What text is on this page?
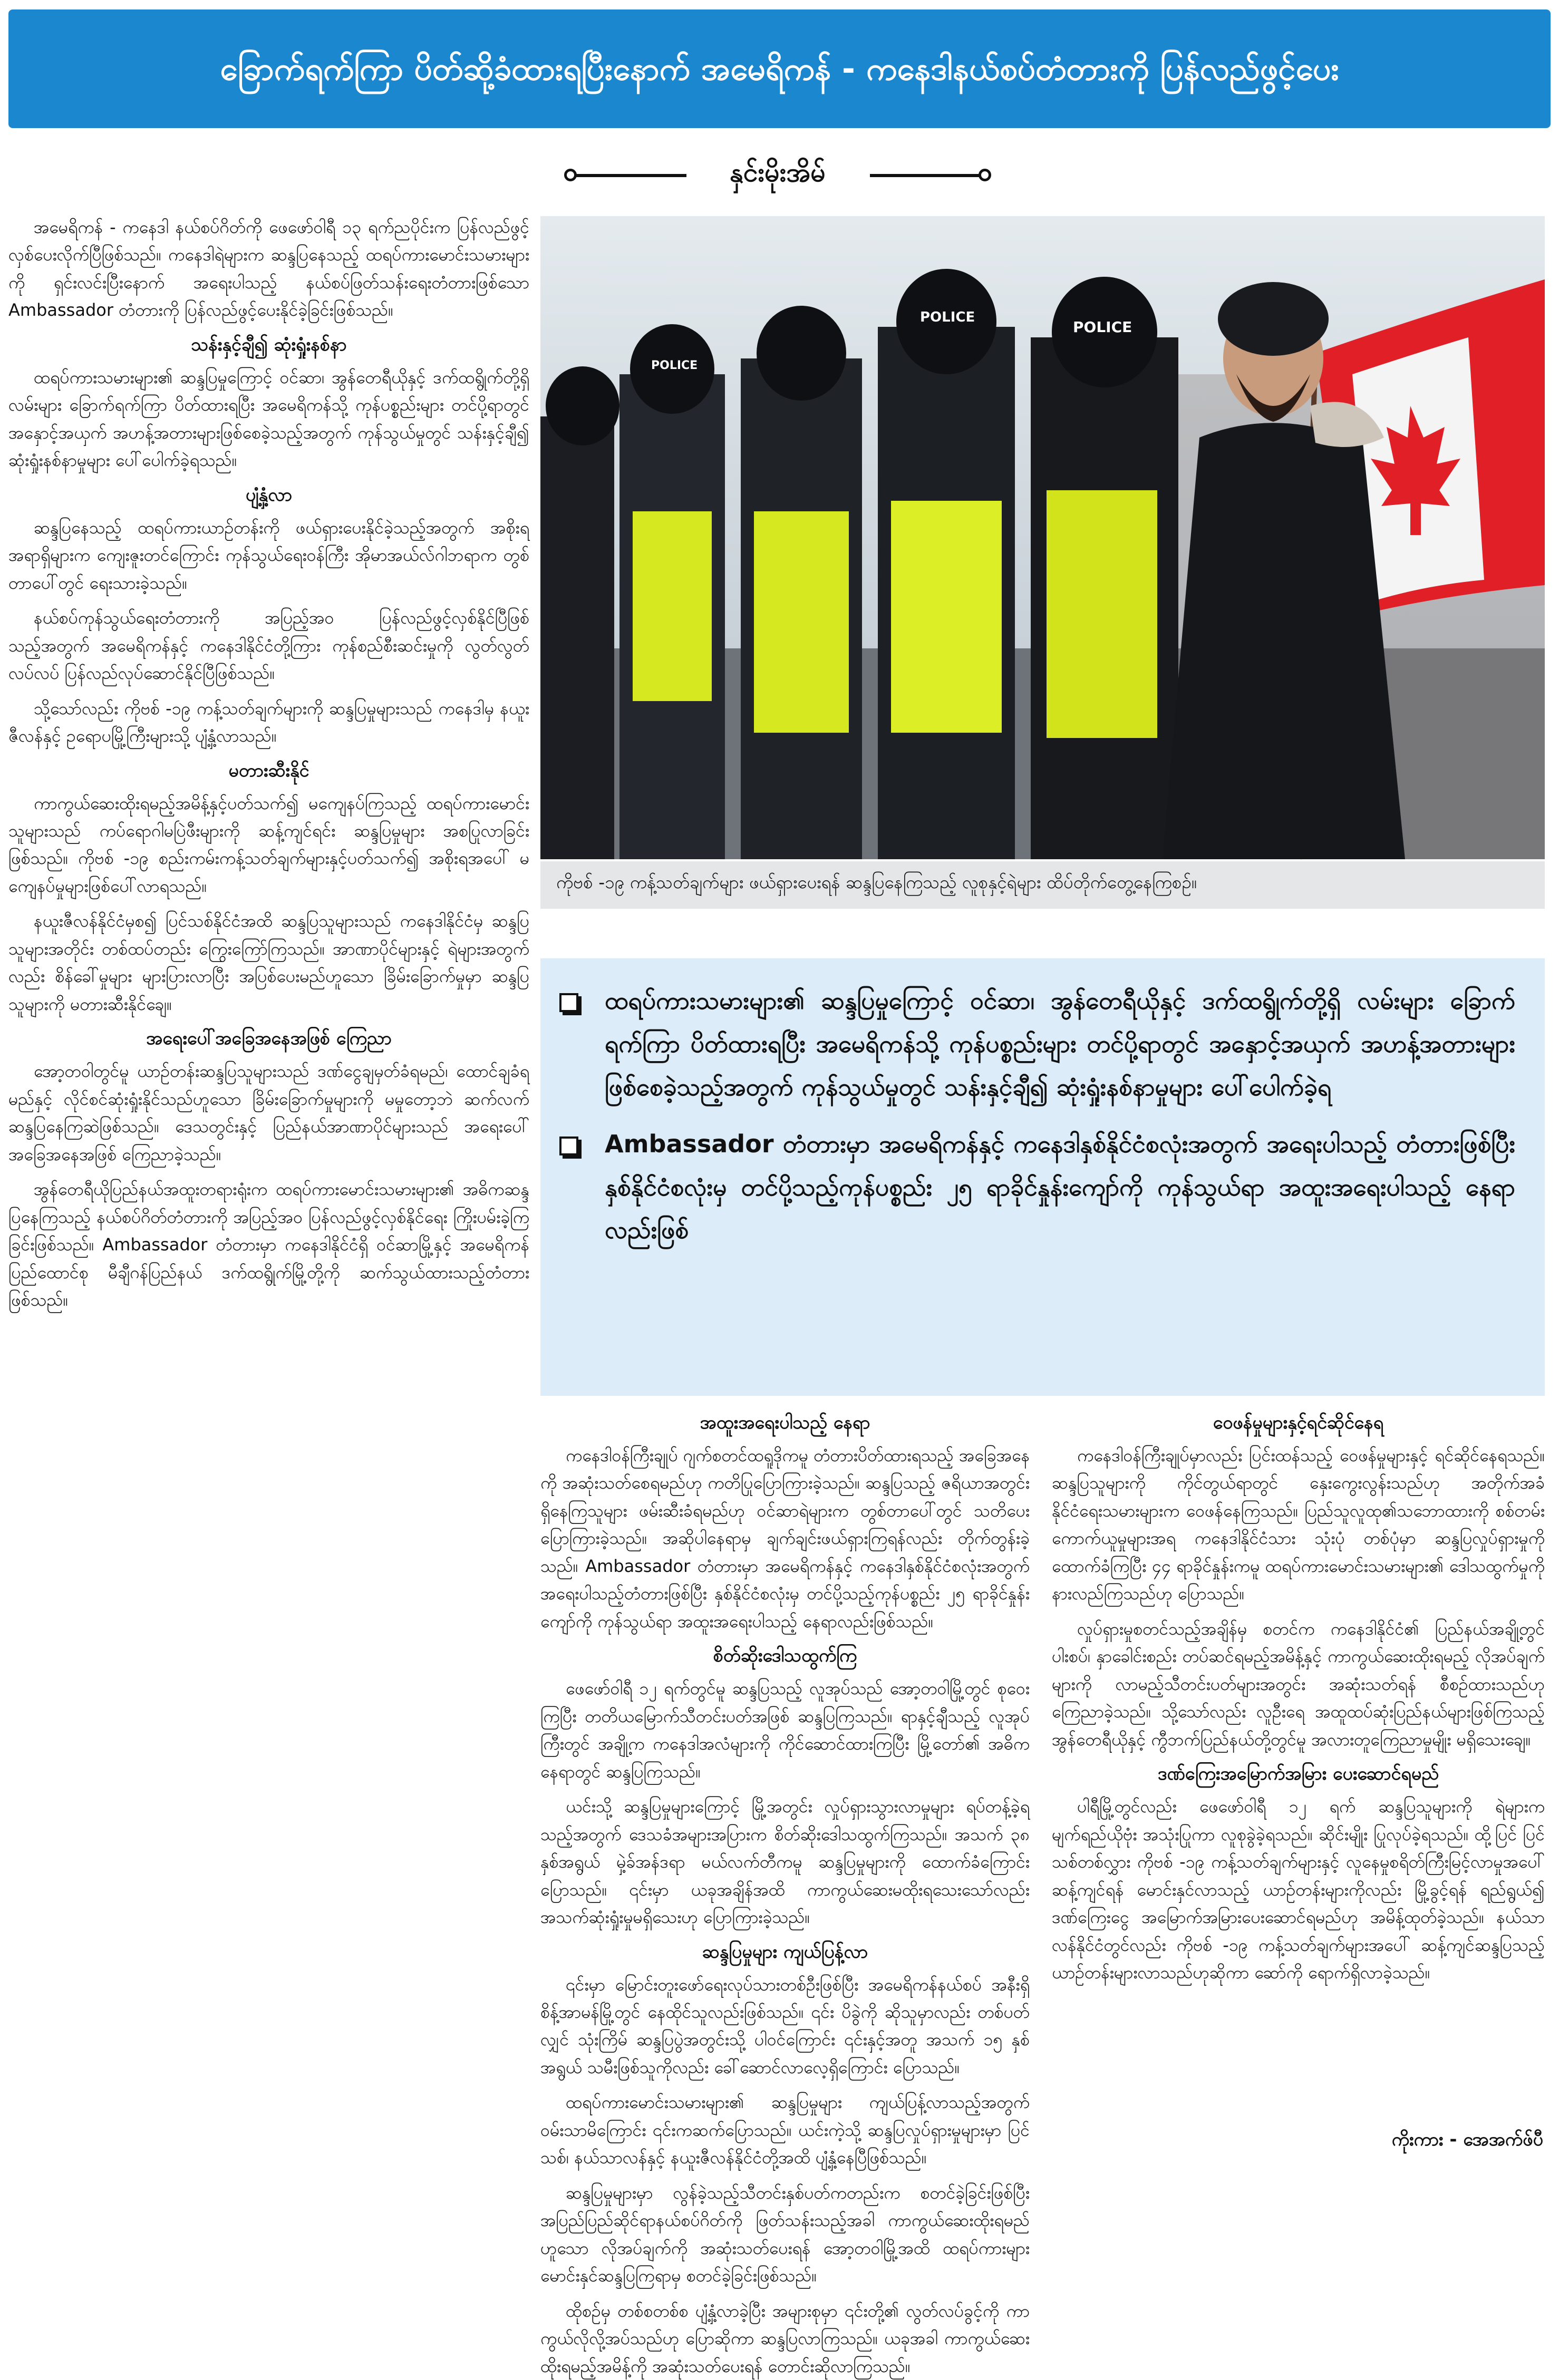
ခြောက်ရက်ကြာ ပိတ်ဆို့ခံထားရပြီးနောက် အမေရိကန် - ကနေဒါနယ်စပ်တံတားကို ပြန်လည်ဖွင့်ပေး
နှင်းမိုးအိမ်

အမေရိကန် - ကနေဒါ နယ်စပ်ဂိတ်ကို ဖေဖော်ဝါရီ ၁၃ ရက်ညပိုင်းက ပြန်လည်ဖွင့်လှစ်ပေးလိုက်ပြီဖြစ်သည်။ ကနေဒါရဲများက ဆန္ဒပြနေသည့် ထရပ်ကားမောင်းသမားများကို ရှင်းလင်းပြီးနောက် အရေးပါသည့် နယ်စပ်ဖြတ်သန်းရေးတံတားဖြစ်သော Ambassador တံတားကို ပြန်လည်ဖွင့်ပေးနိုင်ခဲ့ခြင်းဖြစ်သည်။

သန်းနှင့်ချီ၍ ဆုံးရှုံးနစ်နာ

ထရပ်ကားသမားများ၏ ဆန္ဒပြမှုကြောင့် ဝင်ဆာ၊ အွန်တေရီယိုနှင့် ဒက်ထရွိုက်တို့ရှိ လမ်းများ ခြောက်ရက်ကြာ ပိတ်ထားရပြီး အမေရိကန်သို့ ကုန်ပစ္စည်းများ တင်ပို့ရာတွင် အနှောင့်အယှက် အဟန့်အတားများဖြစ်စေခဲ့သည့်အတွက် ကုန်သွယ်မှုတွင် သန်းနှင့်ချီ၍ ဆုံးရှုံးနစ်နာမှုများ ပေါ်ပေါက်ခဲ့ရသည်။

ပျံ့နှံ့လာ

ဆန္ဒပြနေသည့် ထရပ်ကားယာဉ်တန်းကို ဖယ်ရှားပေးနိုင်ခဲ့သည့်အတွက် အစိုးရအရာရှိများက ကျေးဇူးတင်ကြောင်း ကုန်သွယ်ရေးဝန်ကြီး အိုမာအယ်လ်ဂါဘရာက တွစ်တာပေါ်တွင် ရေးသားခဲ့သည်။

နယ်စပ်ကုန်သွယ်ရေးတံတားကို အပြည့်အဝ ပြန်လည်ဖွင့်လှစ်နိုင်ပြီဖြစ်သည့်အတွက် အမေရိကန်နှင့် ကနေဒါနိုင်ငံတို့ကြား ကုန်စည်စီးဆင်းမှုကို လွတ်လွတ်လပ်လပ် ပြန်လည်လုပ်ဆောင်နိုင်ပြီဖြစ်သည်။

သို့သော်လည်း ကိုဗစ် -၁၉ ကန့်သတ်ချက်များကို ဆန္ဒပြမှုများသည် ကနေဒါမှ နယူးဇီလန်နှင့် ဥရောပမြို့ကြီးများသို့ ပျံ့နှံ့လာသည်။

မတားဆီးနိုင်

ကာကွယ်ဆေးထိုးရမည့်အမိန့်နှင့်ပတ်သက်၍ မကျေနပ်ကြသည့် ထရပ်ကားမောင်းသူများသည် ကပ်ရောဂါမပြဲဖီးများကို ဆန့်ကျင်ရင်း ဆန္ဒပြမှုများ အစပြုလာခြင်းဖြစ်သည်။ ကိုဗစ် -၁၉ စည်းကမ်းကန့်သတ်ချက်များနှင့်ပတ်သက်၍ အစိုးရအပေါ် မကျေနပ်မှုများဖြစ်ပေါ်လာရသည်။

နယူးဇီလန်နိုင်ငံမှစ၍ ပြင်သစ်နိုင်ငံအထိ ဆန္ဒပြသူများသည် ကနေဒါနိုင်ငံမှ ဆန္ဒပြသူများအတိုင်း တစ်ထပ်တည်း ကြွေးကြော်ကြသည်။ အာဏာပိုင်များနှင့် ရဲများအတွက်လည်း စိန်ခေါ်မှုများ များပြားလာပြီး အပြစ်ပေးမည်ဟူသော ခြိမ်းခြောက်မှုမှာ ဆန္ဒပြသူများကို မတားဆီးနိုင်ချေ။

အရေးပေါ်အခြေအနေအဖြစ် ကြေညာ

အော့တဝါတွင်မူ ယာဉ်တန်းဆန္ဒပြသူများသည် ဒဏ်ငွေချမှတ်ခံရမည်၊ ထောင်ချခံရမည်နှင့် လိုင်စင်ဆုံးရှုံးနိုင်သည်ဟူသော ခြိမ်းခြောက်မှုများကို မမှုတော့ဘဲ ဆက်လက်ဆန္ဒပြနေကြဆဲဖြစ်သည်။ ဒေသတွင်းနှင့် ပြည်နယ်အာဏာပိုင်များသည် အရေးပေါ်အခြေအနေအဖြစ် ကြေညာခဲ့သည်။

အွန်တေရီယိုပြည်နယ်အထူးတရားရုံးက ထရပ်ကားမောင်းသမားများ၏ အဓိကဆန္ဒပြနေကြသည့် နယ်စပ်ဂိတ်တံတားကို အပြည့်အဝ ပြန်လည်ဖွင့်လှစ်နိုင်ရေး ကြိုးပမ်းခဲ့ကြခြင်းဖြစ်သည်။ Ambassador တံတားမှာ ကနေဒါနိုင်ငံရှိ ဝင်ဆာမြို့နှင့် အမေရိကန်ပြည်ထောင်စု မီချီဂန်ပြည်နယ် ဒက်ထရွိုက်မြို့တို့ကို ဆက်သွယ်ထားသည့်တံတားဖြစ်သည်။

POLICE
POLICE
POLICE
ကိုဗစ် -၁၉ ကန့်သတ်ချက်များ ဖယ်ရှားပေးရန် ဆန္ဒပြနေကြသည့် လူစုနှင့်ရဲများ ထိပ်တိုက်တွေ့နေကြစဉ်။
ထရပ်ကားသမားများ၏ ဆန္ဒပြမှုကြောင့် ဝင်ဆာ၊ အွန်တေရီယိုနှင့် ဒက်ထရွိုက်တို့ရှိ လမ်းများ ခြောက်ရက်ကြာ ပိတ်ထားရပြီး အမေရိကန်သို့ ကုန်ပစ္စည်းများ တင်ပို့ရာတွင် အနှောင့်အယှက် အဟန့်အတားများဖြစ်စေခဲ့သည့်အတွက် ကုန်သွယ်မှုတွင် သန်းနှင့်ချီ၍ ဆုံးရှုံးနစ်နာမှုများ ပေါ်ပေါက်ခဲ့ရ
Ambassador တံတားမှာ အမေရိကန်နှင့် ကနေဒါနှစ်နိုင်ငံစလုံးအတွက် အရေးပါသည့် တံတားဖြစ်ပြီး နှစ်နိုင်ငံစလုံးမှ တင်ပို့သည့်ကုန်ပစ္စည်း ၂၅ ရာခိုင်နှုန်းကျော်ကို ကုန်သွယ်ရာ အထူးအရေးပါသည့် နေရာလည်းဖြစ်
အထူးအရေးပါသည့် နေရာ

ကနေဒါဝန်ကြီးချုပ် ဂျက်စတင်ထရူဒိုကမူ တံတားပိတ်ထားရသည့် အခြေအနေကို အဆုံးသတ်စေရမည်ဟု ကတိပြုပြောကြားခဲ့သည်။ ဆန္ဒပြသည့် ဇရိယာအတွင်းရှိနေကြသူများ ဖမ်းဆီးခံရမည်ဟု ဝင်ဆာရဲများက တွစ်တာပေါ်တွင် သတိပေးပြောကြားခဲ့သည်။ အဆိုပါနေရာမှ ချက်ချင်းဖယ်ရှားကြရန်လည်း တိုက်တွန်းခဲ့သည်။ Ambassador တံတားမှာ အမေရိကန်နှင့် ကနေဒါနှစ်နိုင်ငံစလုံးအတွက် အရေးပါသည့်တံတားဖြစ်ပြီး နှစ်နိုင်ငံစလုံးမှ တင်ပို့သည့်ကုန်ပစ္စည်း ၂၅ ရာခိုင်နှုန်းကျော်ကို ကုန်သွယ်ရာ အထူးအရေးပါသည့် နေရာလည်းဖြစ်သည်။

စိတ်ဆိုးဒေါသထွက်ကြ

ဖေဖော်ဝါရီ ၁၂ ရက်တွင်မူ ဆန္ဒပြသည့် လူအုပ်သည် အော့တဝါမြို့တွင် စုဝေးကြပြီး တတိယမြောက်သီတင်းပတ်အဖြစ် ဆန္ဒပြကြသည်။ ရာနှင့်ချီသည့် လူအုပ်ကြီးတွင် အချို့က ကနေဒါအလံများကို ကိုင်ဆောင်ထားကြပြီး မြို့တော်၏ အဓိကနေရာတွင် ဆန္ဒပြကြသည်။

ယင်းသို့ ဆန္ဒပြမှုများကြောင့် မြို့အတွင်း လှုပ်ရှားသွားလာမှုများ ရပ်တန့်ခဲ့ရသည့်အတွက် ဒေသခံအများအပြားက စိတ်ဆိုးဒေါသထွက်ကြသည်။ အသက် ၃၈ နှစ်အရွယ် မှဲ့ခ်အန်ဒရာ မယ်လက်တီကမူ ဆန္ဒပြမှုများကို ထောက်ခံကြောင်း ပြောသည်။ ၎င်းမှာ ယခုအချိန်အထိ ကာကွယ်ဆေးမထိုးရသေးသော်လည်း အသက်ဆုံးရှုံးမှုမရှိသေးဟု ပြောကြားခဲ့သည်။

ဆန္ဒပြမှုများ ကျယ်ပြန့်လာ

၎င်းမှာ မြောင်းတူးဖော်ရေးလုပ်သားတစ်ဦးဖြစ်ပြီး အမေရိကန်နယ်စပ် အနီးရှိ စိန့်အာမန်မြို့တွင် နေထိုင်သူလည်းဖြစ်သည်။ ၎င်း ပိခွဲကို ဆိုသူမှာလည်း တစ်ပတ်လျှင် သုံးကြိမ် ဆန္ဒပြပွဲအတွင်းသို့ ပါဝင်ကြောင်း ၎င်းနှင့်အတူ အသက် ၁၅ နှစ်အရွယ် သမီးဖြစ်သူကိုလည်း ခေါ်ဆောင်လာလေ့ရှိကြောင်း ပြောသည်။

ထရပ်ကားမောင်းသမားများ၏ ဆန္ဒပြမှုများ ကျယ်ပြန့်လာသည့်အတွက် ဝမ်းသာမိကြောင်း ၎င်းကဆက်ပြောသည်။ ယင်းကဲ့သို့ ဆန္ဒပြလှုပ်ရှားမှုများမှာ ပြင်သစ်၊ နယ်သာလန်နှင့် နယူးဇီလန်နိုင်ငံတို့အထိ ပျံ့နှံ့နေပြီဖြစ်သည်။

ဆန္ဒပြမှုများမှာ လွန်ခဲ့သည့်သီတင်းနှစ်ပတ်ကတည်းက စတင်ခဲ့ခြင်းဖြစ်ပြီး အပြည်ပြည်ဆိုင်ရာနယ်စပ်ဂိတ်ကို ဖြတ်သန်းသည့်အခါ ကာကွယ်ဆေးထိုးရမည်ဟူသော လိုအပ်ချက်ကို အဆုံးသတ်ပေးရန် အော့တဝါမြို့အထိ ထရပ်ကားများ မောင်းနှင်ဆန္ဒပြကြရာမှ စတင်ခဲ့ခြင်းဖြစ်သည်။

ထိုစဉ်မှ တစ်စတစ်စ ပျံ့နှံ့လာခဲ့ပြီး အများစုမှာ ၎င်းတို့၏ လွတ်လပ်ခွင့်ကို ကာကွယ်လိုလို့အပ်သည်ဟု ပြောဆိုကာ ဆန္ဒပြလာကြသည်။ ယခုအခါ ကာကွယ်ဆေးထိုးရမည့်အမိန့်ကို အဆုံးသတ်ပေးရန် တောင်းဆိုလာကြသည်။

ဝေဖန်မှုများနှင့်ရင်ဆိုင်နေရ

ကနေဒါဝန်ကြီးချုပ်မှာလည်း ပြင်းထန်သည့် ဝေဖန်မှုများနှင့် ရင်ဆိုင်နေရသည်။ ဆန္ဒပြသူများကို ကိုင်တွယ်ရာတွင် နှေးကွေးလွန်းသည်ဟု အတိုက်အခံနိုင်ငံရေးသမားများက ဝေဖန်နေကြသည်။ ပြည်သူလူထု၏သဘောထားကို စစ်တမ်းကောက်ယူမှုများအရ ကနေဒါနိုင်ငံသား သုံးပုံ တစ်ပုံမှာ ဆန္ဒပြလှုပ်ရှားမှုကို ထောက်ခံကြပြီး ၄၄ ရာခိုင်နှုန်းကမူ ထရပ်ကားမောင်းသမားများ၏ ဒေါသထွက်မှုကို နားလည်ကြသည်ဟု ပြောသည်။

လှုပ်ရှားမှုစတင်သည့်အချိန်မှ စတင်က ကနေဒါနိုင်ငံ၏ ပြည်နယ်အချို့တွင် ပါးစပ်၊ နှာခေါင်းစည်း တပ်ဆင်ရမည့်အမိန့်နှင့် ကာကွယ်ဆေးထိုးရမည့် လိုအပ်ချက်များကို လာမည့်သီတင်းပတ်များအတွင်း အဆုံးသတ်ရန် စီစဉ်ထားသည်ဟု ကြေညာခဲ့သည်။ သို့သော်လည်း လူဦးရေ အထူထပ်ဆုံးပြည်နယ်များဖြစ်ကြသည့် အွန်တေရီယိုနှင့် ကွီဘက်ပြည်နယ်တို့တွင်မူ အလားတူကြေညာမှုမျိုး မရှိသေးချေ။

ဒဏ်ကြေးအမြောက်အမြား ပေးဆောင်ရမည်

ပါရီမြို့တွင်လည်း ဖေဖော်ဝါရီ ၁၂ ရက် ဆန္ဒပြသူများကို ရဲများက မျက်ရည်ယိုဗုံး အသုံးပြုကာ လူစုခွဲခဲ့ရသည်။ ဆိုင်းမျိုး ပြုလုပ်ခဲ့ရသည်။ ထို့ပြင် ပြင်သစ်တစ်လွှား ကိုဗစ် -၁၉ ကန့်သတ်ချက်များနှင့် လူနေမှုစရိတ်ကြီးမြင့်လာမှုအပေါ် ဆန့်ကျင်ရန် မောင်းနှင်လာသည့် ယာဉ်တန်းများကိုလည်း မြို့ခွင့်ရန် ရည်ရွယ်၍ ဒဏ်ကြေးငွေ အမြောက်အမြားပေးဆောင်ရမည်ဟု အမိန့်ထုတ်ခဲ့သည်။ နယ်သာလန်နိုင်ငံတွင်လည်း ကိုဗစ် -၁၉ ကန့်သတ်ချက်များအပေါ် ဆန့်ကျင်ဆန္ဒပြသည့် ယာဉ်တန်းများလာသည်ဟုဆိုကာ ဆော်ကို ရောက်ရှိလာခဲ့သည်။

ကိုးကား - အေအက်ဖ်ပီ
